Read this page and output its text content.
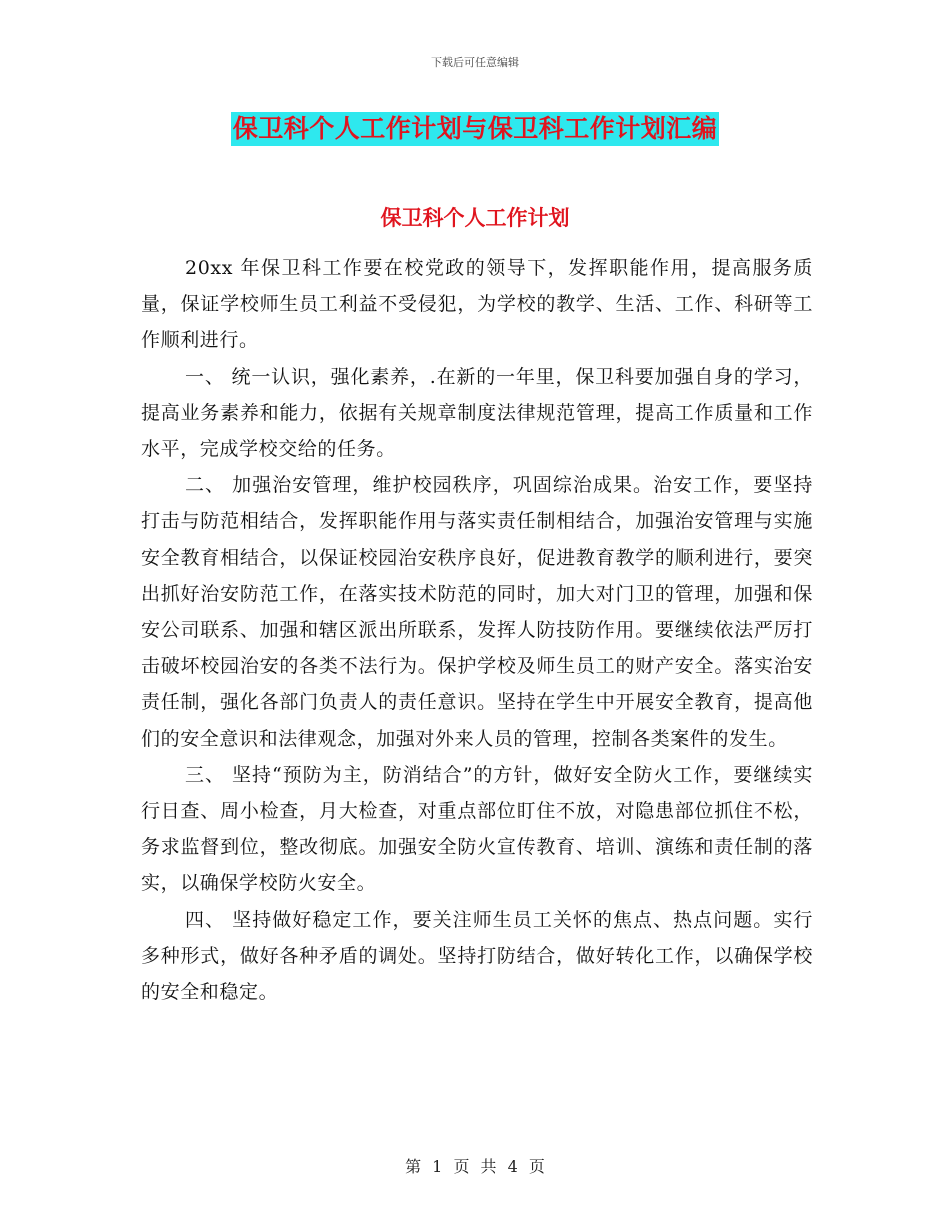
下载后可任意编辑
保卫科个人工作计划与保卫科工作计划汇编
保卫科个人工作计划

20xx 年保卫科工作要在校党政的领导下，发挥职能作用，提高服务质量，保证学校师生员工利益不受侵犯，为学校的教学、生活、工作、科研等工作顺利进行。

一、 统一认识，强化素养，.在新的一年里，保卫科要加强自身的学习，提高业务素养和能力，依据有关规章制度法律规范管理，提高工作质量和工作水平，完成学校交给的任务。

二、 加强治安管理，维护校园秩序，巩固综治成果。治安工作，要坚持打击与防范相结合，发挥职能作用与落实责任制相结合，加强治安管理与实施安全教育相结合，以保证校园治安秩序良好，促进教育教学的顺利进行，要突出抓好治安防范工作，在落实技术防范的同时，加大对门卫的管理，加强和保安公司联系、加强和辖区派出所联系，发挥人防技防作用。要继续依法严厉打击破坏校园治安的各类不法行为。保护学校及师生员工的财产安全。落实治安责任制，强化各部门负责人的责任意识。坚持在学生中开展安全教育，提高他们的安全意识和法律观念，加强对外来人员的管理，控制各类案件的发生。

三、 坚持“预防为主，防消结合”的方针，做好安全防火工作，要继续实行日查、周小检查，月大检查，对重点部位盯住不放，对隐患部位抓住不松，务求监督到位，整改彻底。加强安全防火宣传教育、培训、演练和责任制的落实，以确保学校防火安全。

四、 坚持做好稳定工作，要关注师生员工关怀的焦点、热点问题。实行多种形式，做好各种矛盾的调处。坚持打防结合，做好转化工作，以确保学校的安全和稳定。

第 1 页 共 4 页
